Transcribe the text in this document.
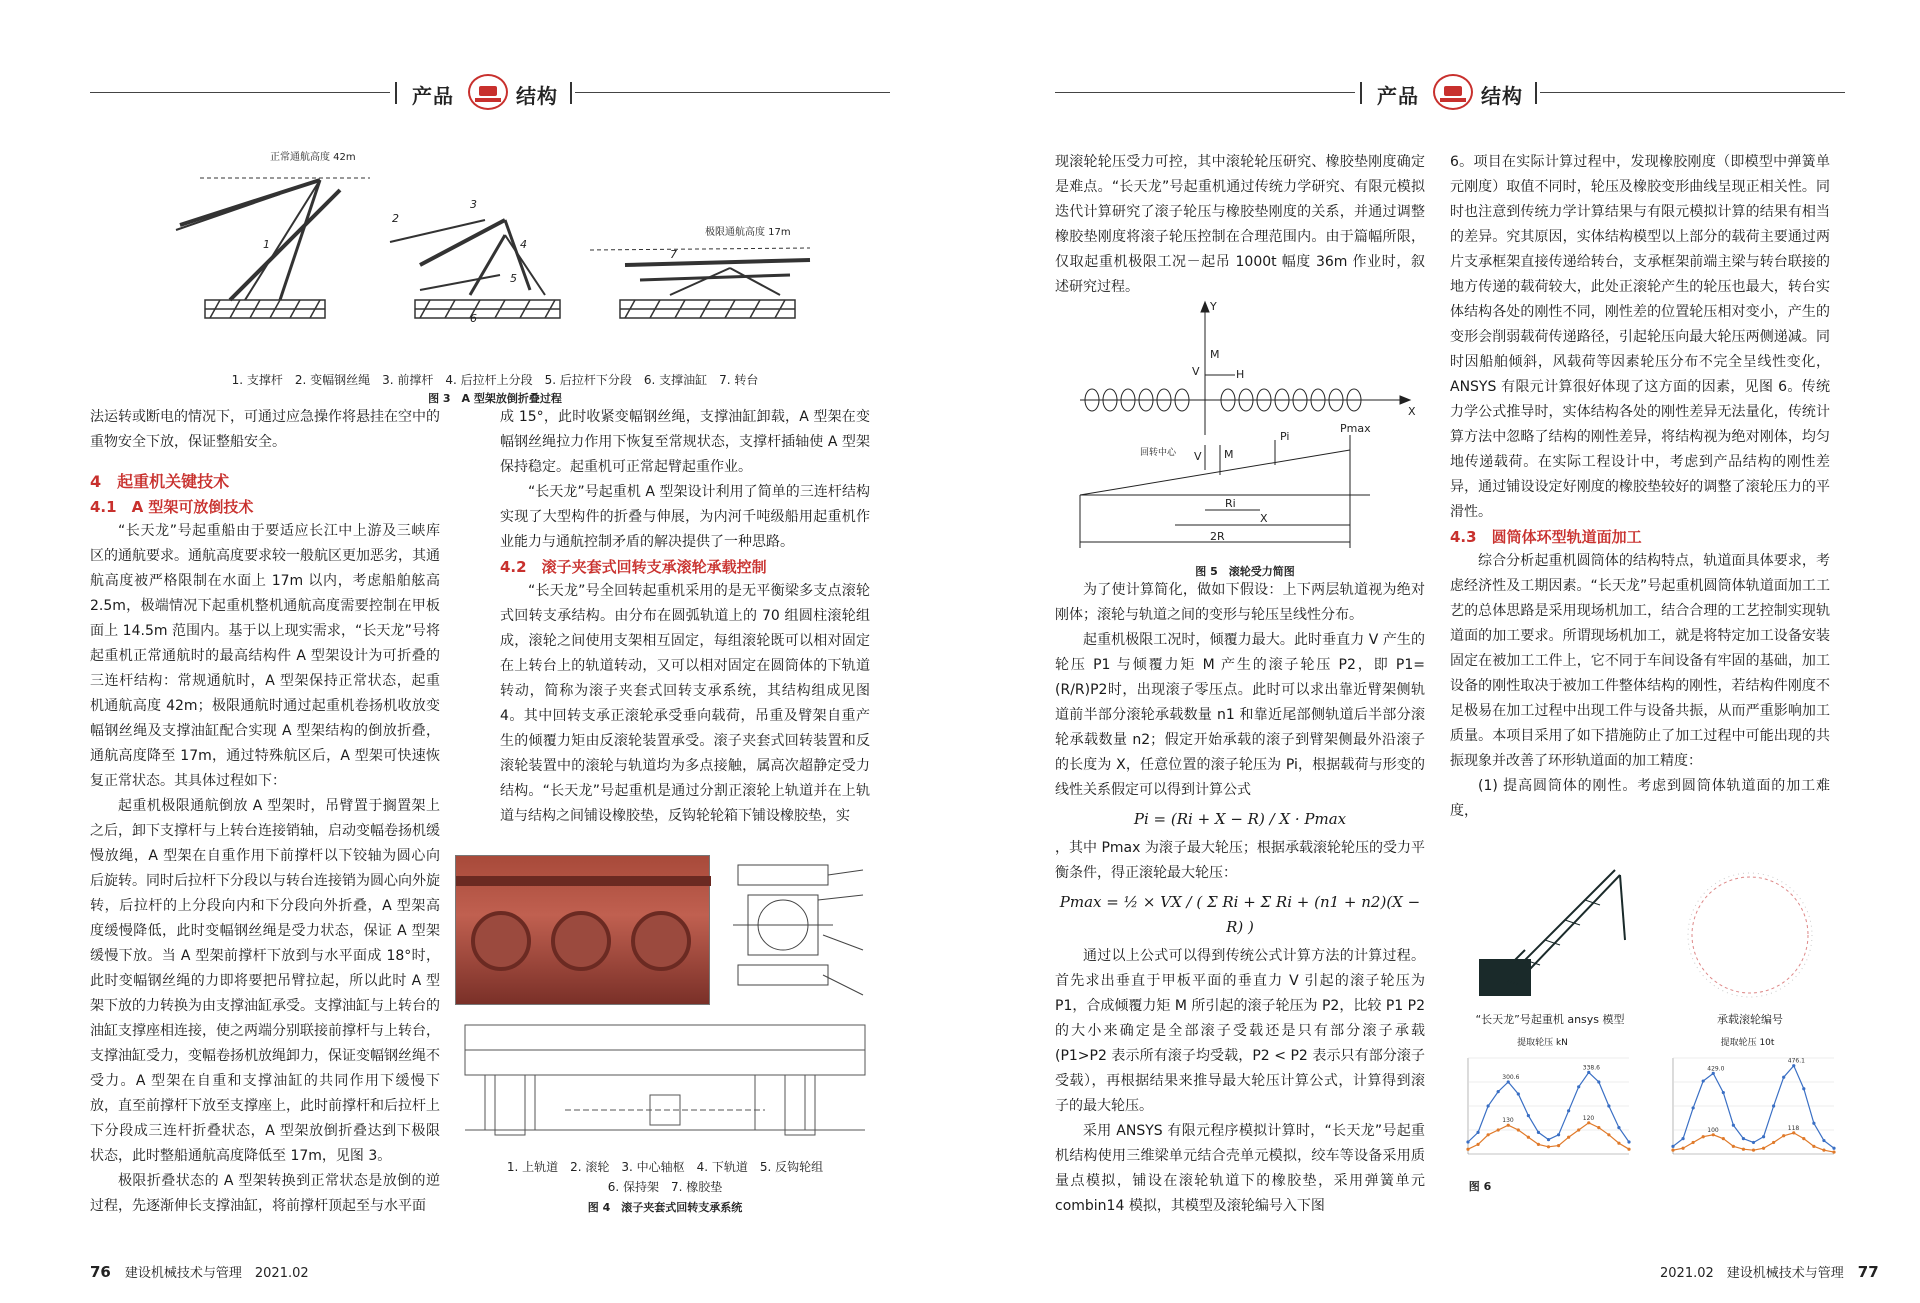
产品	结构
正常通航高度 42m
极限通航高度 17m
1
2
3
4
5
6
7
1. 支撑杆　2. 变幅钢丝绳　3. 前撑杆　4. 后拉杆上分段　5. 后拉杆下分段　6. 支撑油缸　7. 转台
图 3　A 型架放倒折叠过程

法运转或断电的情况下，可通过应急操作将悬挂在空中的重物安全下放，保证整船安全。

4　起重机关键技术
4.1　A 型架可放倒技术

“长天龙”号起重船由于要适应长江中上游及三峡库区的通航要求。通航高度要求较一般航区更加恶劣，其通航高度被严格限制在水面上 17m 以内，考虑船舶舷高 2.5m，极端情况下起重机整机通航高度需要控制在甲板面上 14.5m 范围内。基于以上现实需求，“长天龙”号将起重机正常通航时的最高结构件 A 型架设计为可折叠的三连杆结构：常规通航时，A 型架保持正常状态，起重机通航高度 42m；极限通航时通过起重机卷扬机收放变幅钢丝绳及支撑油缸配合实现 A 型架结构的倒放折叠，通航高度降至 17m，通过特殊航区后，A 型架可快速恢复正常状态。其具体过程如下：

起重机极限通航倒放 A 型架时，吊臂置于搁置架上之后，卸下支撑杆与上转台连接销轴，启动变幅卷扬机缓慢放绳，A 型架在自重作用下前撑杆以下铰轴为圆心向后旋转。同时后拉杆下分段以与转台连接销为圆心向外旋转，后拉杆的上分段向内和下分段向外折叠，A 型架高度缓慢降低，此时变幅钢丝绳是受力状态，保证 A 型架缓慢下放。当 A 型架前撑杆下放到与水平面成 18°时，此时变幅钢丝绳的力即将要把吊臂拉起，所以此时 A 型架下放的力转换为由支撑油缸承受。支撑油缸与上转台的油缸支撑座相连接，使之两端分别联接前撑杆与上转台，支撑油缸受力，变幅卷扬机放绳卸力，保证变幅钢丝绳不受力。A 型架在自重和支撑油缸的共同作用下缓慢下放，直至前撑杆下放至支撑座上，此时前撑杆和后拉杆上下分段成三连杆折叠状态，A 型架放倒折叠达到下极限状态，此时整船通航高度降低至 17m，见图 3。

极限折叠状态的 A 型架转换到正常状态是放倒的逆过程，先逐渐伸长支撑油缸，将前撑杆顶起至与水平面

成 15°，此时收紧变幅钢丝绳，支撑油缸卸载，A 型架在变幅钢丝绳拉力作用下恢复至常规状态，支撑杆插轴使 A 型架保持稳定。起重机可正常起臂起重作业。

“长天龙”号起重机 A 型架设计利用了简单的三连杆结构实现了大型构件的折叠与伸展，为内河千吨级船用起重机作业能力与通航控制矛盾的解决提供了一种思路。

4.2　滚子夹套式回转支承滚轮承载控制

“长天龙”号全回转起重机采用的是无平衡梁多支点滚轮式回转支承结构。由分布在圆弧轨道上的 70 组圆柱滚轮组成，滚轮之间使用支架相互固定，每组滚轮既可以相对固定在上转台上的轨道转动，又可以相对固定在圆筒体的下轨道转动，简称为滚子夹套式回转支承系统，其结构组成见图 4。其中回转支承正滚轮承受垂向载荷，吊重及臂架自重产生的倾覆力矩由反滚轮装置承受。滚子夹套式回转装置和反滚轮装置中的滚轮与轨道均为多点接触，属高次超静定受力结构。“长天龙”号起重机是通过分割正滚轮上轨道并在上轨道与结构之间铺设橡胶垫，反钩轮轮箱下铺设橡胶垫，实

1. 上轨道　2. 滚轮　3. 中心轴枢　4. 下轨道　5. 反钩轮组
6. 保持架　7. 橡胶垫
图 4　滚子夹套式回转支承系统
76 建设机械技术与管理　2021.02
产品	结构

现滚轮轮压受力可控，其中滚轮轮压研究、橡胶垫刚度确定是难点。“长天龙”号起重机通过传统力学研究、有限元模拟迭代计算研究了滚子轮压与橡胶垫刚度的关系，并通过调整橡胶垫刚度将滚子轮压控制在合理范围内。由于篇幅所限，仅取起重机极限工况－起吊 1000t 幅度 36m 作业时，叙述研究过程。

Y
X
M
V	H
回转中心 V M
Pi
Pmax
Ri
X
2R
图 5　滚轮受力简图

为了使计算简化，做如下假设：上下两层轨道视为绝对刚体；滚轮与轨道之间的变形与轮压呈线性分布。

起重机极限工况时，倾覆力最大。此时垂直力 V 产生的轮压 P1 与倾覆力矩 M 产生的滚子轮压 P2，即 P1=(R/R)P2时，出现滚子零压点。此时可以求出靠近臂架侧轨道前半部分滚轮承载数量 n1 和靠近尾部侧轨道后半部分滚轮承载数量 n2；假定开始承载的滚子到臂架侧最外沿滚子的长度为 X，任意位置的滚子轮压为 Pi，根据载荷与形变的线性关系假定可以得到计算公式

Pi = (Ri + X − R) / X · Pmax

，其中 Pmax 为滚子最大轮压；根据承载滚轮轮压的受力平衡条件，得正滚轮最大轮压：

Pmax = ½ × VX / ( Σ Ri + Σ Ri + (n1 + n2)(X − R) )

通过以上公式可以得到传统公式计算方法的计算过程。首先求出垂直于甲板平面的垂直力 V 引起的滚子轮压为 P1，合成倾覆力矩 M 所引起的滚子轮压为 P2，比较 P1 P2 的大小来确定是全部滚子受载还是只有部分滚子承载 (P1>P2 表示所有滚子均受载，P2 < P2 表示只有部分滚子受载），再根据结果来推导最大轮压计算公式，计算得到滚子的最大轮压。

采用 ANSYS 有限元程序模拟计算时，“长天龙”号起重机结构使用三维梁单元结合壳单元模拟，绞车等设备采用质量点模拟，铺设在滚轮轨道下的橡胶垫，采用弹簧单元 combin14 模拟，其模型及滚轮编号入下图

6。项目在实际计算过程中，发现橡胶刚度（即模型中弹簧单元刚度）取值不同时，轮压及橡胶变形曲线呈现正相关性。同时也注意到传统力学计算结果与有限元模拟计算的结果有相当的差异。究其原因，实体结构模型以上部分的载荷主要通过两片支承框架直接传递给转台，支承框架前端主梁与转台联接的地方传递的载荷较大，此处正滚轮产生的轮压也最大，转台实体结构各处的刚性不同，刚性差的位置轮压相对变小，产生的变形会削弱载荷传递路径，引起轮压向最大轮压两侧递减。同时因船舶倾斜，风载荷等因素轮压分布不完全呈线性变化，ANSYS 有限元计算很好体现了这方面的因素，见图 6。传统力学公式推导时，实体结构各处的刚性差异无法量化，传统计算方法中忽略了结构的刚性差异，将结构视为绝对刚体，均匀地传递载荷。在实际工程设计中，考虑到产品结构的刚性差异，通过铺设设定好刚度的橡胶垫较好的调整了滚轮压力的平滑性。

4.3　圆筒体环型轨道面加工

综合分析起重机圆筒体的结构特点，轨道面具体要求，考虑经济性及工期因素。“长天龙”号起重机圆筒体轨道面加工工艺的总体思路是采用现场机加工，结合合理的工艺控制实现轨道面的加工要求。所谓现场机加工，就是将特定加工设备安装固定在被加工工件上，它不同于车间设备有牢固的基础，加工设备的刚性取决于被加工件整体结构的刚性，若结构件刚度不足极易在加工过程中出现工件与设备共振，从而严重影响加工质量。本项目采用了如下措施防止了加工过程中可能出现的共振现象并改善了环形轨道面的加工精度：

(1) 提高圆筒体的刚性。考虑到圆筒体轨道面的加工难度，

“长天龙”号起重机 ansys 模型	承载滚轮编号
提取轮压 kN
300.6
338.6
130	120
提取轮压 10t
429.0
476.1
100	118
图 6
2021.02　建设机械技术与管理 77
